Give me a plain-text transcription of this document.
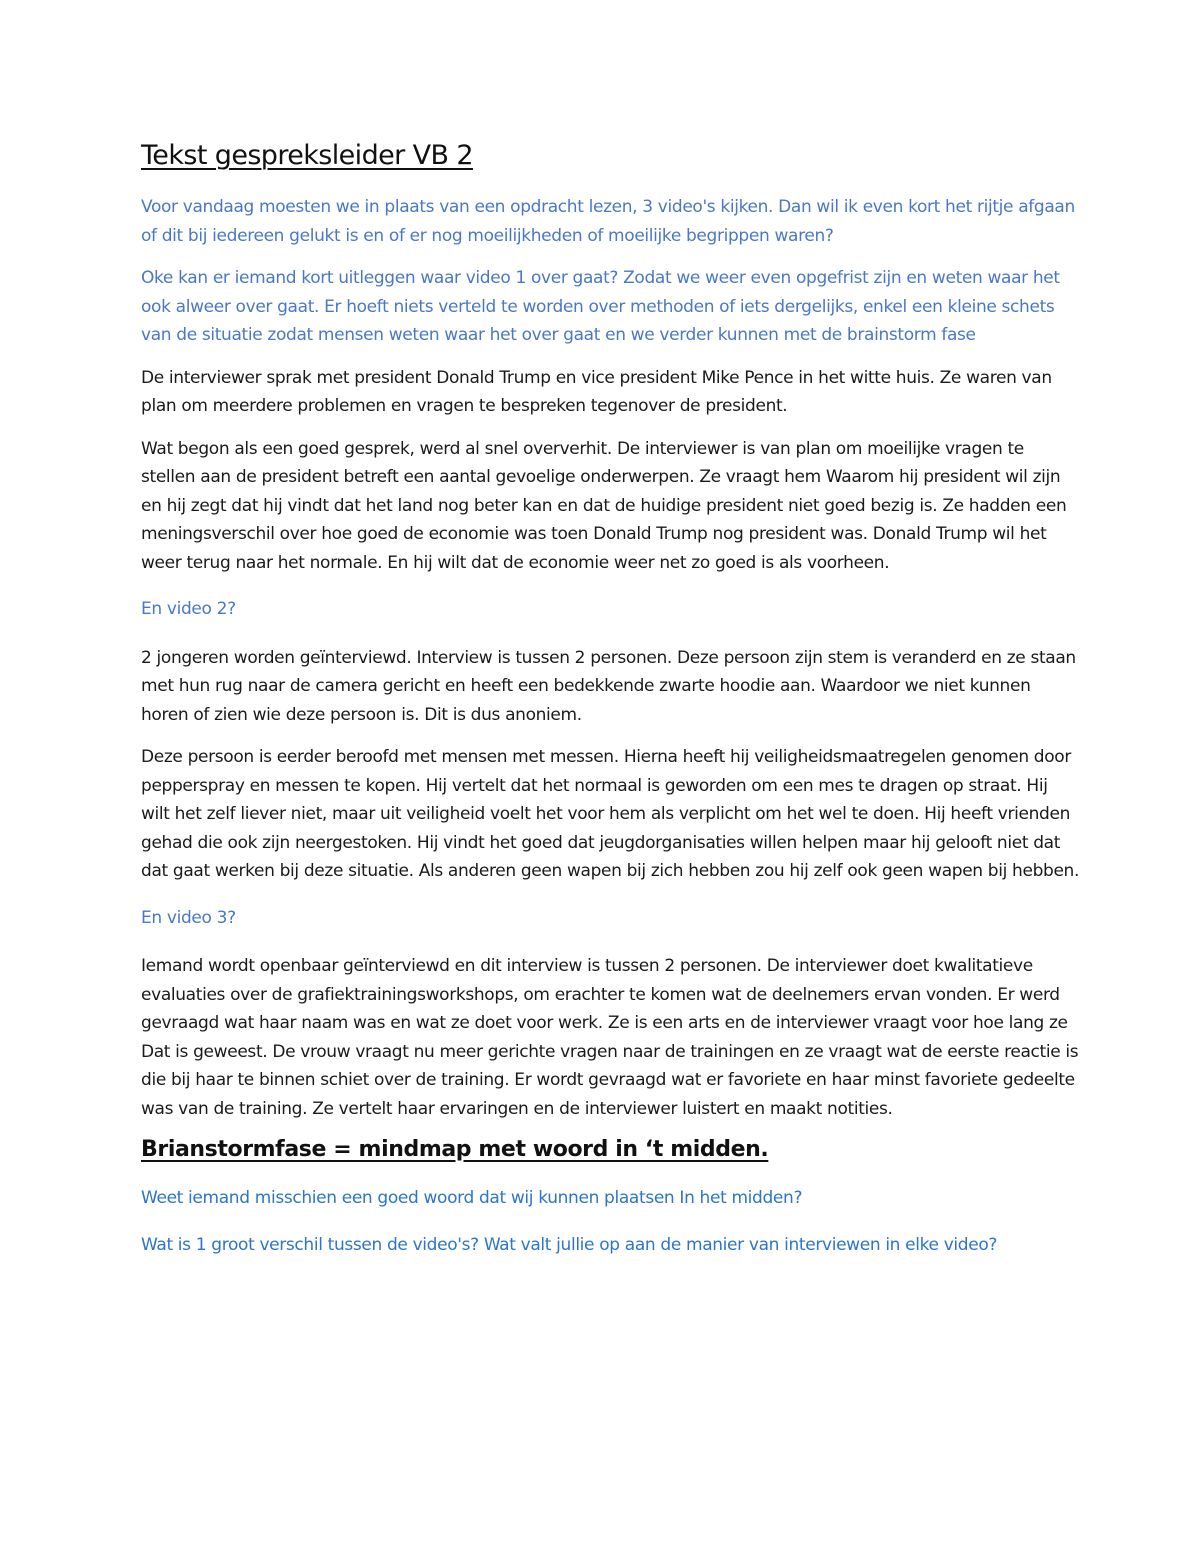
Tekst gespreksleider VB 2

Voor vandaag moesten we in plaats van een opdracht lezen, 3 video's kijken. Dan wil ik even kort het rijtje afgaan of dit bij iedereen gelukt is en of er nog moeilijkheden of moeilijke begrippen waren?

Oke kan er iemand kort uitleggen waar video 1 over gaat? Zodat we weer even opgefrist zijn en weten waar het ook alweer over gaat. Er hoeft niets verteld te worden over methoden of iets dergelijks, enkel een kleine schets van de situatie zodat mensen weten waar het over gaat en we verder kunnen met de brainstorm fase

De interviewer sprak met president Donald Trump en vice president Mike Pence in het witte huis. Ze waren van plan om meerdere problemen en vragen te bespreken tegenover de president.

Wat begon als een goed gesprek, werd al snel oververhit. De interviewer is van plan om moeilijke vragen te stellen aan de president betreft een aantal gevoelige onderwerpen. Ze vraagt hem Waarom hij president wil zijn en hij zegt dat hij vindt dat het land nog beter kan en dat de huidige president niet goed bezig is. Ze hadden een meningsverschil over hoe goed de economie was toen Donald Trump nog president was. Donald Trump wil het weer terug naar het normale. En hij wilt dat de economie weer net zo goed is als voorheen.

En video 2?

2 jongeren worden geïnterviewd. Interview is tussen 2 personen. Deze persoon zijn stem is veranderd en ze staan met hun rug naar de camera gericht en heeft een bedekkende zwarte hoodie aan. Waardoor we niet kunnen horen of zien wie deze persoon is. Dit is dus anoniem.

Deze persoon is eerder beroofd met mensen met messen. Hierna heeft hij veiligheidsmaatregelen genomen door pepperspray en messen te kopen. Hij vertelt dat het normaal is geworden om een mes te dragen op straat. Hij wilt het zelf liever niet, maar uit veiligheid voelt het voor hem als verplicht om het wel te doen. Hij heeft vrienden gehad die ook zijn neergestoken. Hij vindt het goed dat jeugdorganisaties willen helpen maar hij gelooft niet dat dat gaat werken bij deze situatie. Als anderen geen wapen bij zich hebben zou hij zelf ook geen wapen bij hebben.

En video 3?

Iemand wordt openbaar geïnterviewd en dit interview is tussen 2 personen. De interviewer doet kwalitatieve evaluaties over de grafiektrainingsworkshops, om erachter te komen wat de deelnemers ervan vonden. Er werd gevraagd wat haar naam was en wat ze doet voor werk. Ze is een arts en de interviewer vraagt voor hoe lang ze Dat is geweest. De vrouw vraagt nu meer gerichte vragen naar de trainingen en ze vraagt wat de eerste reactie is die bij haar te binnen schiet over de training. Er wordt gevraagd wat er favoriete en haar minst favoriete gedeelte was van de training. Ze vertelt haar ervaringen en de interviewer luistert en maakt notities.

Brianstormfase = mindmap met woord in ‘t midden.

Weet iemand misschien een goed woord dat wij kunnen plaatsen In het midden?

Wat is 1 groot verschil tussen de video's? Wat valt jullie op aan de manier van interviewen in elke video?
